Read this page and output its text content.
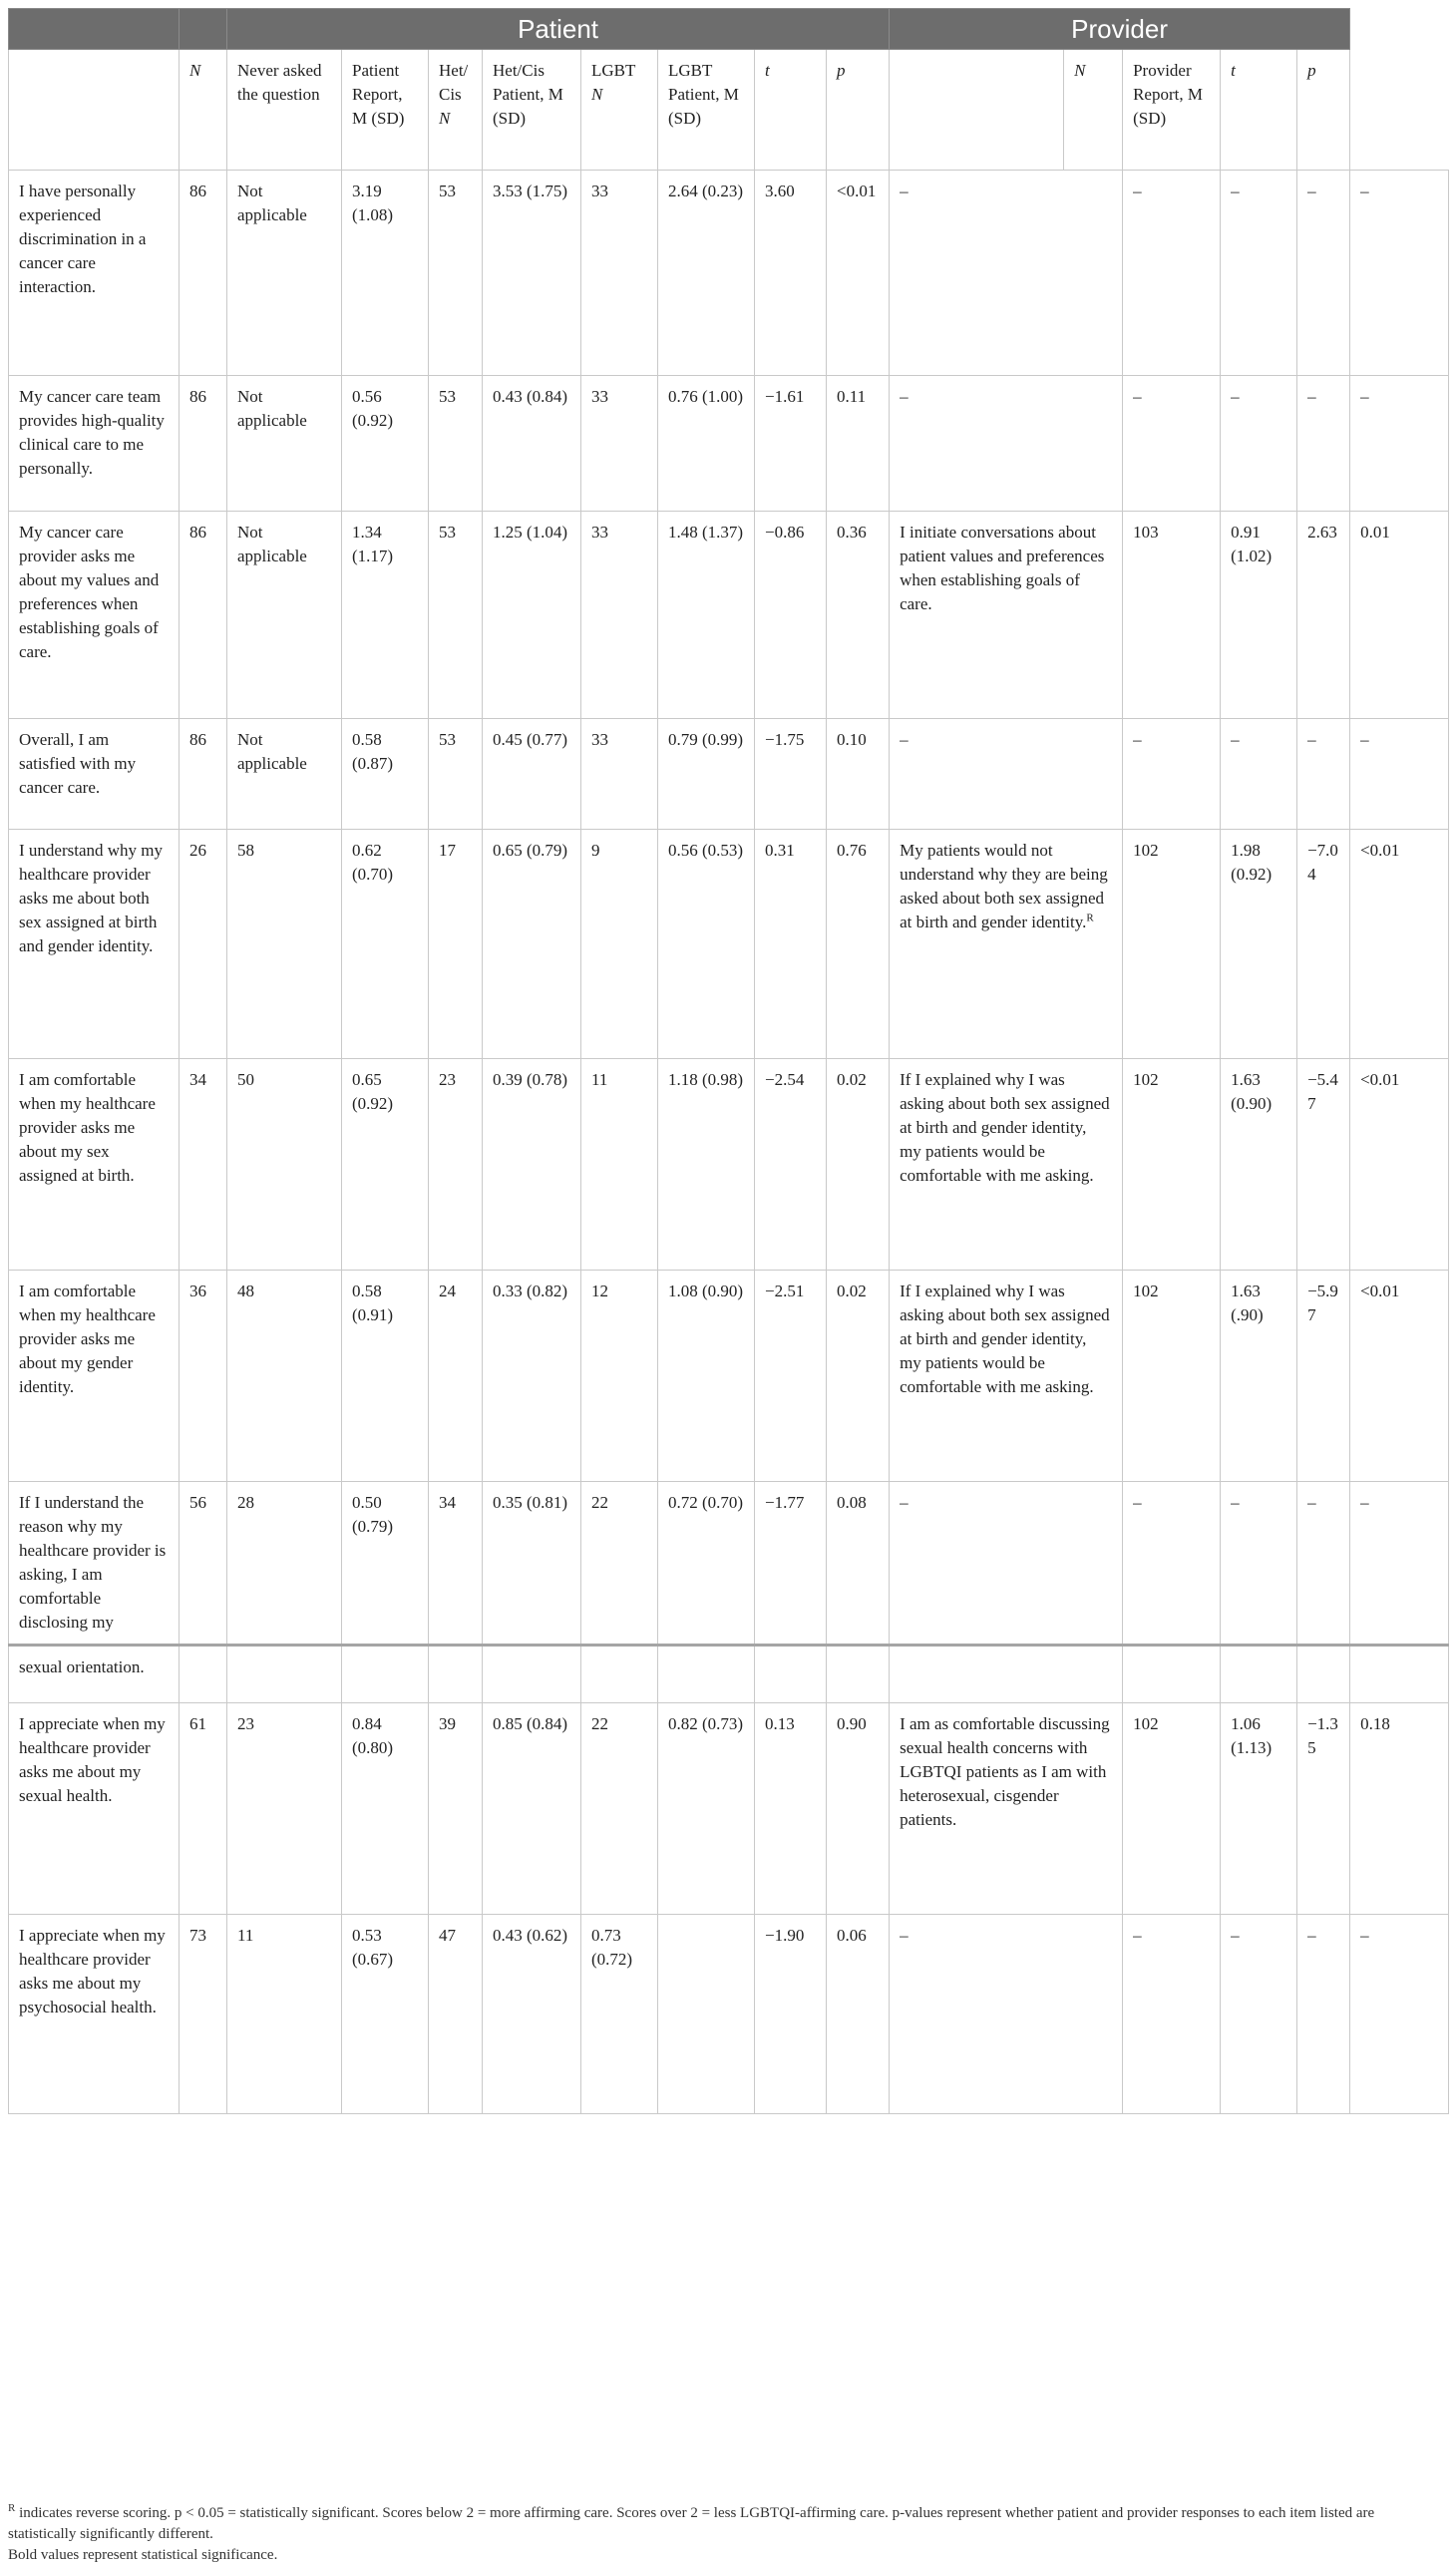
		Patient								Provider					
	N	Never asked the question	Patient Report, M (SD)	Het/Cis N	Het/Cis Patient, M (SD)	LGBT N	LGBT Patient, M (SD)	t	p		N	Provider Report, M (SD)	t	p	
I have personally experienced discrimination in a cancer care interaction.	86	Not applicable	3.19 (1.08)	53	3.53 (1.75)	33	2.64 (0.23)	3.60	<0.01	–		–	–	–	–
My cancer care team provides high-quality clinical care to me personally.	86	Not applicable	0.56 (0.92)	53	0.43 (0.84)	33	0.76 (1.00)	−1.61	0.11	–		–	–	–	–
My cancer care provider asks me about my values and preferences when establishing goals of care.	86	Not applicable	1.34 (1.17)	53	1.25 (1.04)	33	1.48 (1.37)	−0.86	0.36	I initiate conversations about patient values and preferences when establishing goals of care.		103	0.91 (1.02)	2.63	0.01
Overall, I am satisfied with my cancer care.	86	Not applicable	0.58 (0.87)	53	0.45 (0.77)	33	0.79 (0.99)	−1.75	0.10	–		–	–	–	–
I understand why my healthcare provider asks me about both sex assigned at birth and gender identity.	26	58	0.62 (0.70)	17	0.65 (0.79)	9	0.56 (0.53)	0.31	0.76	My patients would not understand why they are being asked about both sex assigned at birth and gender identity.$^R$		102	1.98 (0.92)	−7.04	<0.01
I am comfortable when my healthcare provider asks me about my sex assigned at birth.	34	50	0.65 (0.92)	23	0.39 (0.78)	11	1.18 (0.98)	−2.54	0.02	If I explained why I was asking about both sex assigned at birth and gender identity, my patients would be comfortable with me asking.		102	1.63 (0.90)	−5.47	<0.01
I am comfortable when my healthcare provider asks me about my gender identity.	36	48	0.58 (0.91)	24	0.33 (0.82)	12	1.08 (0.90)	−2.51	0.02	If I explained why I was asking about both sex assigned at birth and gender identity, my patients would be comfortable with me asking.		102	1.63 (.90)	−5.97	<0.01
If I understand the reason why my healthcare provider is asking, I am comfortable disclosing my	56	28	0.50 (0.79)	34	0.35 (0.81)	22	0.72 (0.70)	−1.77	0.08	–		–	–	–	–
sexual orientation.															
I appreciate when my healthcare provider asks me about my sexual health.	61	23	0.84 (0.80)	39	0.85 (0.84)	22	0.82 (0.73)	0.13	0.90	I am as comfortable discussing sexual health concerns with LGBTQI patients as I am with heterosexual, cisgender patients.		102	1.06 (1.13)	−1.35	0.18
I appreciate when my healthcare provider asks me about my psychosocial health.	73	11	0.53 (0.67)	47	0.43 (0.62)	0.73 (0.72)		−1.90	0.06	–		–	–	–	–
$^R$ indicates reverse scoring. p < 0.05 = statistically significant. Scores below 2 = more affirming care. Scores over 2 = less LGBTQI-affirming care. p-values represent whether patient and provider responses to each item listed are statistically significantly different.
Bold values represent statistical significance.
